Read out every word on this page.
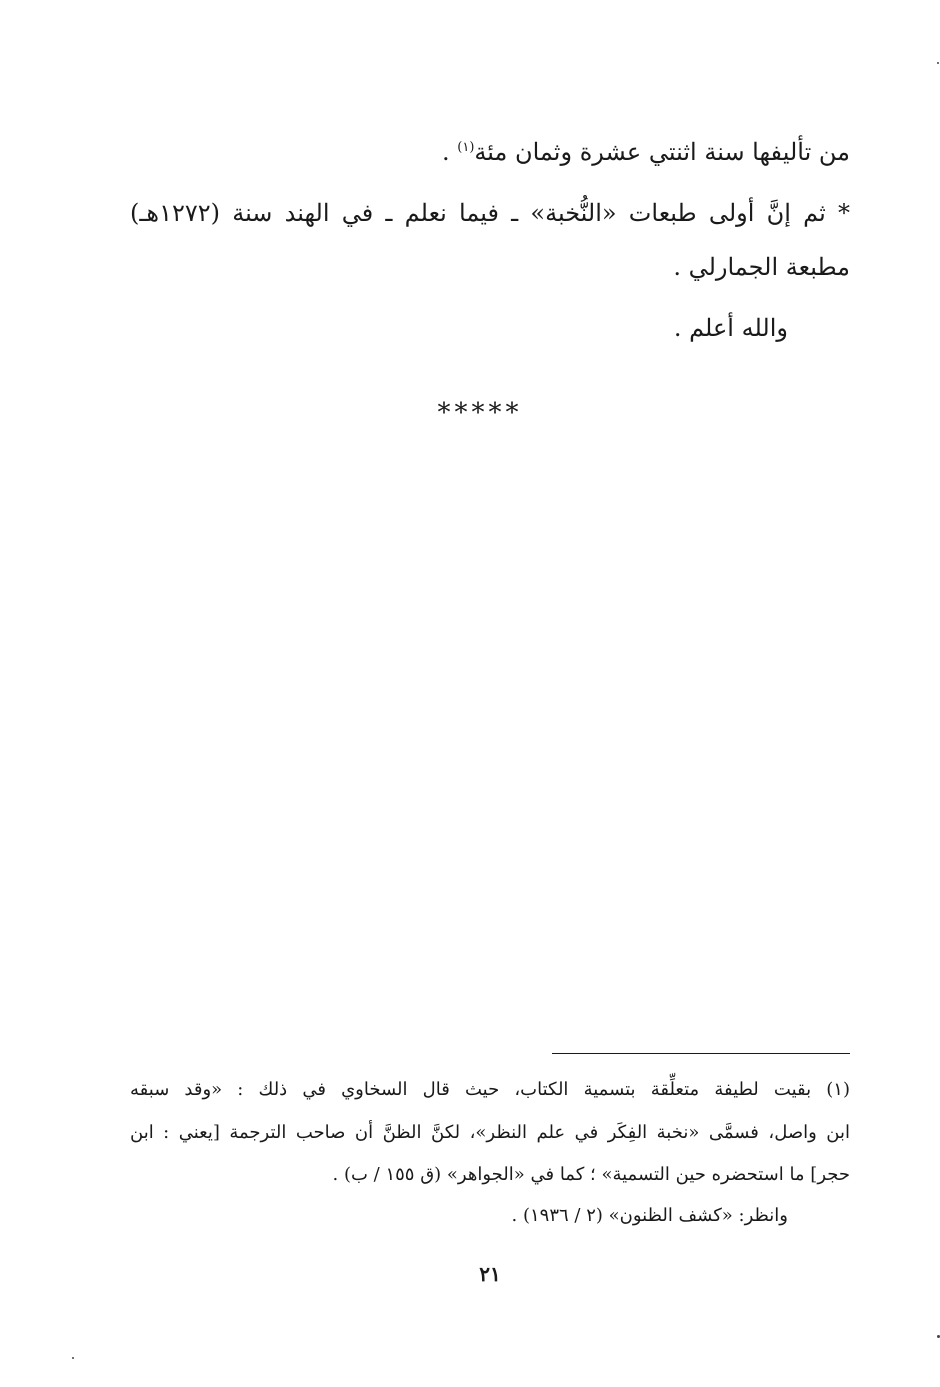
من تأليفها سنة اثنتي عشرة وثمان مئة$^{(١)}$ .
* ثم إنَّ أولى طبعات «النُّخبة» ـ فيما نعلم ـ في الهند سنة (١٢٧٢هـ)
مطبعة الجمارلي .
والله أعلم .
*****
(١) بقيت لطيفة متعلِّقة بتسمية الكتاب، حيث قال السخاوي في ذلك : «وقد سبقه
ابن واصل، فسمَّى «نخبة الفِكَر في علم النظر»، لكنَّ الظنَّ أن صاحب الترجمة [يعني : ابن
حجر] ما استحضره حين التسمية» ؛ كما في «الجواهر» (ق ١٥٥ / ب) .
وانظر: «كشف الظنون» (٢ / ١٩٣٦) .
٢١
